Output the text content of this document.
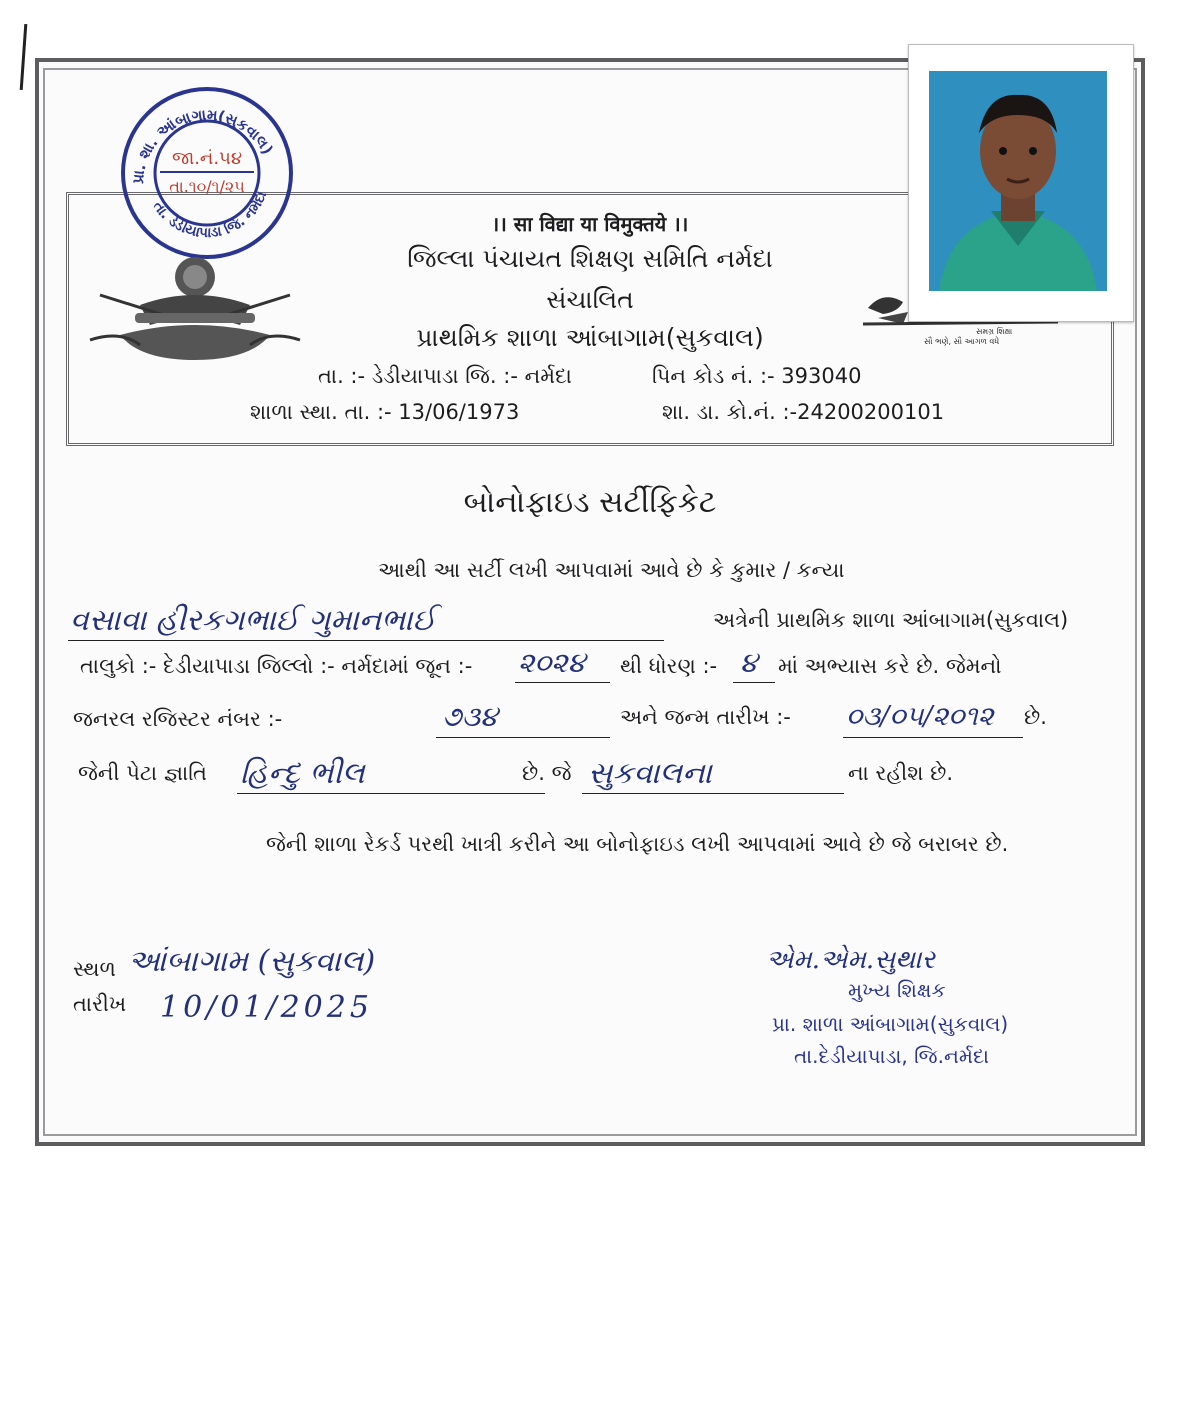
પ્રા. શા. આંબાગામ(સુકવાલ)
તા. ડેડીયાપાડા જિ. નર્મદા
જા.નં.૫૪
તા.૧૦/૧/૨૫
।। सा विद्या या विमुक्तये ।।
જિલ્લા પંચાયત શિક્ષણ સમિતિ નર્મદા
સંચાલિત
પ્રાથમિક શાળા આંબાગામ(સુકવાલ)
તા. :- ડેડીયાપાડા જિ. :- નર્મદા	પિન કોડ નં. :- 393040
શાળા સ્થા. તા. :- 13/06/1973	શા. ડા. કો.નં. :-24200200101
સમગ્ર શિક્ષા
સૌ ભણે, સૌ આગળ વધે
બોનોફાઇડ સર્ટીફિકેટ
આથી આ સર્ટી લખી આપવામાં આવે છે કે કુમાર / કન્યા
વસાવા હીરકગભાઈ ગુમાનભાઈ	અત્રેની પ્રાથમિક શાળા આંબાગામ(સુકવાલ)
તાલુકો :- દેડીયાપાડા જિલ્લો :- નર્મદામાં જૂન :- ૨૦૨૪ થી ધોરણ :- ૪ માં અભ્યાસ કરે છે. જેમનો
જનરલ રજિસ્ટર નંબર :-	૭૩૪	અને જન્મ તારીખ :- ૦૩/૦૫/૨૦૧૨ છે.
જેની પેટા જ્ઞાતિ હિન્દુ ભીલ	છે. જે સુકવાલના	ના રહીશ છે.
જેની શાળા રેકર્ડ પરથી ખાત્રી કરીને આ બોનોફાઇડ લખી આપવામાં આવે છે જે બરાબર છે.
સ્થળ આંબાગામ (સુકવાલ)
તારીખ 10/01/2025
એમ.એમ.સુથાર
મુખ્ય શિક્ષક
પ્રા. શાળા આંબાગામ(સુકવાલ)
તા.દેડીયાપાડા, જિ.નર્મદા
